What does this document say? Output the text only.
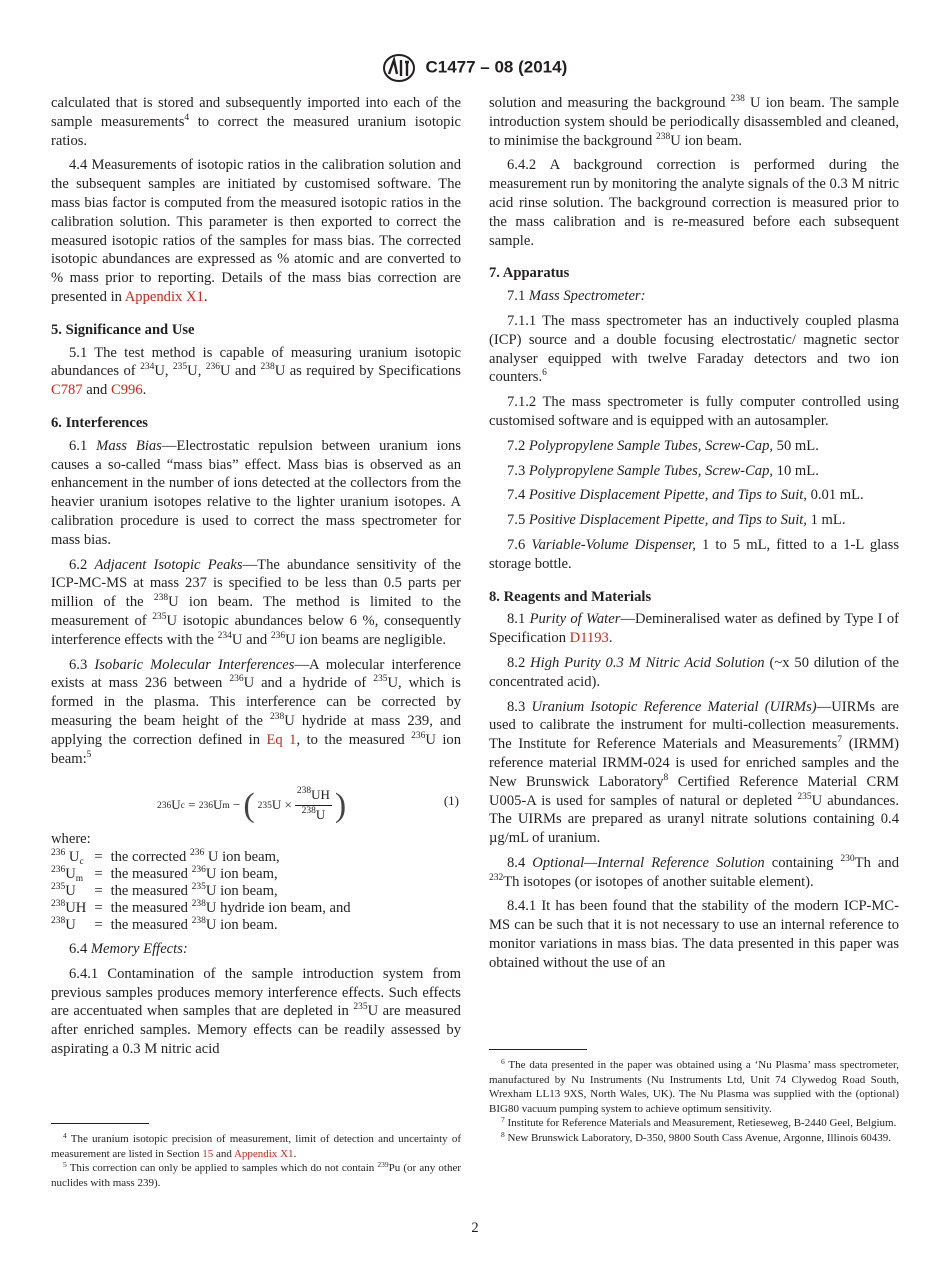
C1477 – 08 (2014)

calculated that is stored and subsequently imported into each of the sample measurements$^4$ to correct the measured uranium isotopic ratios.

4.4 Measurements of isotopic ratios in the calibration solution and the subsequent samples are initiated by customised software. The mass bias factor is computed from the measured isotopic ratios in the calibration solution. This parameter is then exported to correct the measured isotopic ratios of the samples for mass bias. The corrected isotopic abundances are expressed as % atomic and are converted to % mass prior to reporting. Details of the mass bias correction are presented in Appendix X1.

5. Significance and Use

5.1 The test method is capable of measuring uranium isotopic abundances of $^{234}$U, $^{235}$U, $^{236}$U and $^{238}$U as required by Specifications C787 and C996.

6. Interferences

6.1 Mass Bias—Electrostatic repulsion between uranium ions causes a so-called “mass bias” effect. Mass bias is observed as an enhancement in the number of ions detected at the collectors from the heavier uranium isotopes relative to the lighter uranium isotopes. A calibration procedure is used to correct the mass spectrometer for mass bias.

6.2 Adjacent Isotopic Peaks—The abundance sensitivity of the ICP-MC-MS at mass 237 is specified to be less than 0.5 parts per million of the $^{238}$U ion beam. The method is limited to the measurement of $^{235}$U isotopic abundances below 6 %, consequently interference effects with the $^{234}$U and $^{236}$U ion beams are negligible.

6.3 Isobaric Molecular Interferences—A molecular interference exists at mass 236 between $^{236}$U and a hydride of $^{235}$U, which is formed in the plasma. This interference can be corrected by measuring the beam height of the $^{238}$U hydride at mass 239, and applying the correction defined in Eq 1, to the measured $^{236}$U ion beam:$^5$

236 U c
=
236 U m
− ( 235 U
× $\frac{^{238}UH}{^{238}U}$ )	(1)
where:
$^{236}$ $U_c$	=	the corrected $^{236}$ U ion beam,
$^{236}U_m$	=	the measured $^{236}$U ion beam,
$^{235}$U	=	the measured $^{235}$U ion beam,
$^{238}$UH	=	the measured $^{238}$U hydride ion beam, and
$^{238}$U	=	the measured $^{238}$U ion beam.

6.4 Memory Effects:

6.4.1 Contamination of the sample introduction system from previous samples produces memory interference effects. Such effects are accentuated when samples that are depleted in $^{235}$U are measured after enriched samples. Memory effects can be readily assessed by aspirating a 0.3 M nitric acid

solution and measuring the background $^{238}$ U ion beam. The sample introduction system should be periodically disassembled and cleaned, to minimise the background $^{238}$U ion beam.

6.4.2 A background correction is performed during the measurement run by monitoring the analyte signals of the 0.3 M nitric acid rinse solution. The background correction is measured prior to the mass calibration and is re-measured before each subsequent sample.

7. Apparatus

7.1 Mass Spectrometer:

7.1.1 The mass spectrometer has an inductively coupled plasma (ICP) source and a double focusing electrostatic/ magnetic sector analyser equipped with twelve Faraday detectors and two ion counters.$^6$

7.1.2 The mass spectrometer is fully computer controlled using customised software and is equipped with an autosampler.

7.2 Polypropylene Sample Tubes, Screw-Cap, 50 mL.

7.3 Polypropylene Sample Tubes, Screw-Cap, 10 mL.

7.4 Positive Displacement Pipette, and Tips to Suit, 0.01 mL.

7.5 Positive Displacement Pipette, and Tips to Suit, 1 mL.

7.6 Variable-Volume Dispenser, 1 to 5 mL, fitted to a 1-L glass storage bottle.

8. Reagents and Materials

8.1 Purity of Water—Demineralised water as defined by Type I of Specification D1193.

8.2 High Purity 0.3 M Nitric Acid Solution (~x 50 dilution of the concentrated acid).

8.3 Uranium Isotopic Reference Material (UIRMs)—UIRMs are used to calibrate the instrument for multi-collection measurements. The Institute for Reference Materials and Measurements$^7$ (IRMM) reference material IRMM-024 is used for enriched samples and the New Brunswick Laboratory$^8$ Certified Reference Material CRM U005-A is used for samples of natural or depleted $^{235}$U abundances. The UIRMs are prepared as uranyl nitrate solutions containing 0.4 µg/mL of uranium.

8.4 Optional—Internal Reference Solution containing $^{230}$Th and $^{232}$Th isotopes (or isotopes of another suitable element).

8.4.1 It has been found that the stability of the modern ICP-MC-MS can be such that it is not necessary to use an internal reference to monitor variations in mass bias. The data presented in this paper was obtained without the use of an

$^4$ The uranium isotopic precision of measurement, limit of detection and uncertainty of measurement are listed in Section 15 and Appendix X1.

$^5$ This correction can only be applied to samples which do not contain $^{239}$Pu (or any other nuclides with mass 239).

$^6$ The data presented in the paper was obtained using a ‘Nu Plasma’ mass spectrometer, manufactured by Nu Instruments (Nu Instruments Ltd, Unit 74 Clywedog Road South, Wrexham LL13 9XS, North Wales, UK). The Nu Plasma was supplied with the (optional) BIG80 vacuum pumping system to achieve optimum sensitivity.

$^7$ Institute for Reference Materials and Measurement, Retieseweg, B-2440 Geel, Belgium.

$^8$ New Brunswick Laboratory, D-350, 9800 South Cass Avenue, Argonne, Illinois 60439.

2
